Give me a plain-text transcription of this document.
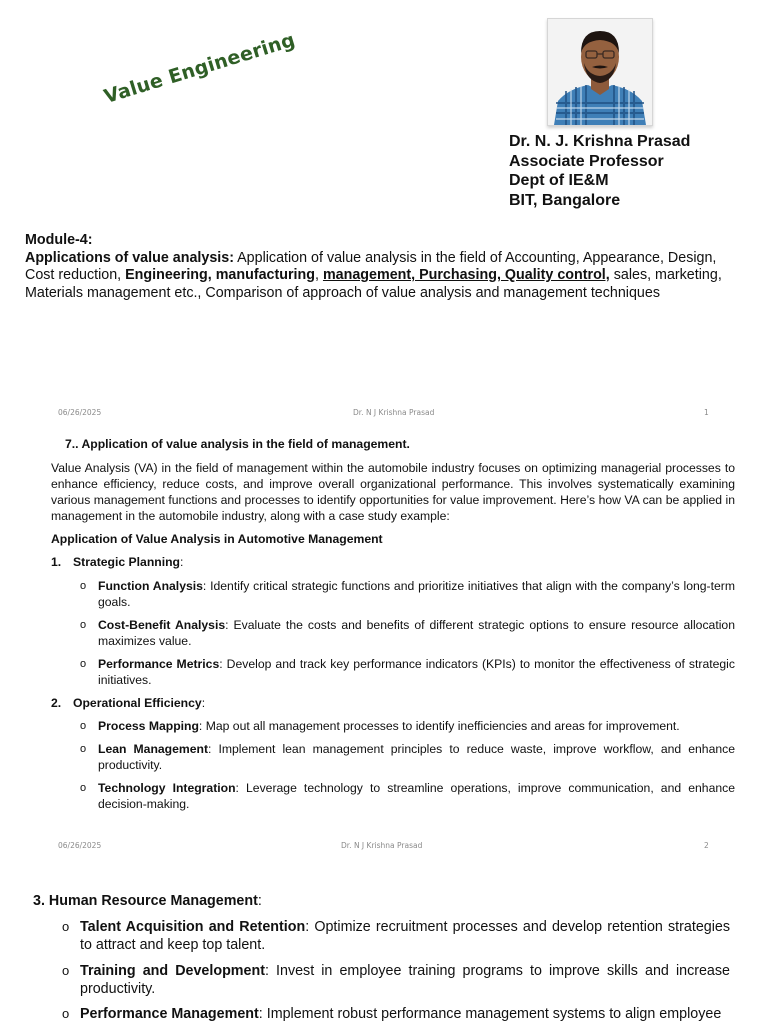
Value Engineering
Dr. N. J. Krishna Prasad
Associate Professor
Dept of IE&M
BIT, Bangalore
Module-4:
Applications of value analysis: Application of value analysis in the field of Accounting, Appearance, Design, Cost reduction, Engineering, manufacturing, management, Purchasing, Quality control, sales, marketing, Materials management etc., Comparison of approach of value analysis and management techniques
06/26/2025	Dr. N J Krishna Prasad	1
7.. Application of value analysis in the field of management.
Value Analysis (VA) in the field of management within the automobile industry focuses on optimizing managerial processes to enhance efficiency, reduce costs, and improve overall organizational performance. This involves systematically examining various management functions and processes to identify opportunities for value improvement. Here’s how VA can be applied in management in the automobile industry, along with a case study example:
Application of Value Analysis in Automotive Management
1. Strategic Planning:
o Function Analysis: Identify critical strategic functions and prioritize initiatives that align with the company’s long-term goals.
o Cost-Benefit Analysis: Evaluate the costs and benefits of different strategic options to ensure resource allocation maximizes value.
o Performance Metrics: Develop and track key performance indicators (KPIs) to monitor the effectiveness of strategic initiatives.
2. Operational Efficiency:
o Process Mapping: Map out all management processes to identify inefficiencies and areas for improvement.
o Lean Management: Implement lean management principles to reduce waste, improve workflow, and enhance productivity.
o Technology Integration: Leverage technology to streamline operations, improve communication, and enhance decision-making.
06/26/2025	Dr. N J Krishna Prasad	2
3. Human Resource Management:
o Talent Acquisition and Retention: Optimize recruitment processes and develop retention strategies to attract and keep top talent.
o Training and Development: Invest in employee training programs to improve skills and increase productivity.
o Performance Management: Implement robust performance management systems to align employee
